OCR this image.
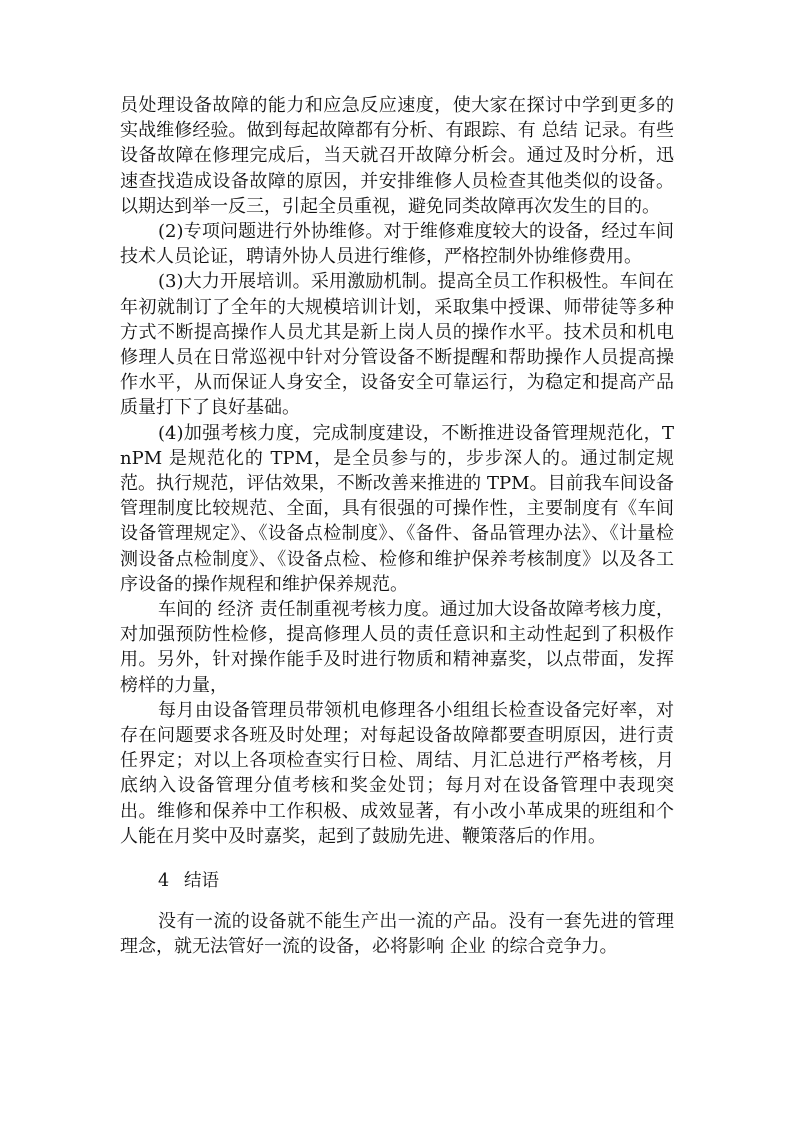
员处理设备故障的能力和应急反应速度，使大家在探讨中学到更多的实战维修经验。做到每起故障都有分析、有跟踪、有 总结 记录。有些设备故障在修理完成后，当天就召开故障分析会。通过及时分析，迅速查找造成设备故障的原因，并安排维修人员检查其他类似的设备。以期达到举一反三，引起全员重视，避免同类故障再次发生的目的。

(2)专项问题进行外协维修。对于维修难度较大的设备，经过车间技术人员论证，聘请外协人员进行维修，严格控制外协维修费用。

(3)大力开展培训。采用激励机制。提高全员工作积极性。车间在年初就制订了全年的大规模培训计划，采取集中授课、师带徒等多种方式不断提高操作人员尤其是新上岗人员的操作水平。技术员和机电修理人员在日常巡视中针对分管设备不断提醒和帮助操作人员提高操作水平，从而保证人身安全，设备安全可靠运行，为稳定和提高产品质量打下了良好基础。

(4)加强考核力度，完成制度建设，不断推进设备管理规范化，TnPM 是规范化的 TPM，是全员参与的，步步深人的。通过制定规范。执行规范，评估效果，不断改善来推进的 TPM。目前我车间设备管理制度比较规范、全面，具有很强的可操作性，主要制度有《车间设备管理规定》、《设备点检制度》、《备件、备品管理办法》、《计量检测设备点检制度》、《设备点检、检修和维护保养考核制度》以及各工序设备的操作规程和维护保养规范。

车间的 经济 责任制重视考核力度。通过加大设备故障考核力度，对加强预防性检修，提高修理人员的责任意识和主动性起到了积极作用。另外，针对操作能手及时进行物质和精神嘉奖，以点带面，发挥榜样的力量，

每月由设备管理员带领机电修理各小组组长检查设备完好率，对存在问题要求各班及时处理；对每起设备故障都要查明原因，进行责任界定；对以上各项检查实行日检、周结、月汇总进行严格考核，月底纳入设备管理分值考核和奖金处罚；每月对在设备管理中表现突出。维修和保养中工作积极、成效显著，有小改小革成果的班组和个人能在月奖中及时嘉奖，起到了鼓励先进、鞭策落后的作用。

4 结语

没有一流的设备就不能生产出一流的产品。没有一套先进的管理理念，就无法管好一流的设备，必将影响 企业 的综合竞争力。
